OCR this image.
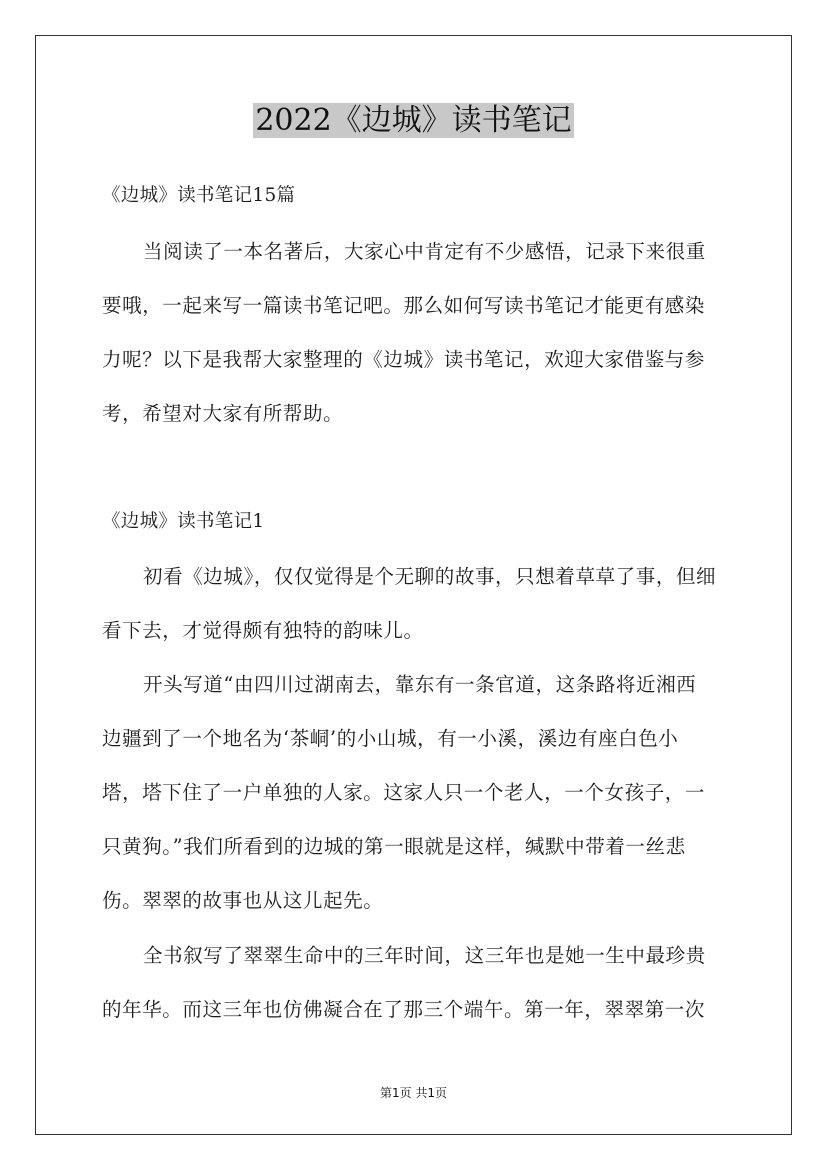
2022《边城》读书笔记
《边城》读书笔记15篇
当阅读了一本名著后，大家心中肯定有不少感悟，记录下来很重
要哦，一起来写一篇读书笔记吧。那么如何写读书笔记才能更有感染
力呢？以下是我帮大家整理的《边城》读书笔记，欢迎大家借鉴与参
考，希望对大家有所帮助。
《边城》读书笔记1
初看《边城》，仅仅觉得是个无聊的故事，只想着草草了事，但细
看下去，才觉得颇有独特的韵味儿。
开头写道“由四川过湖南去，靠东有一条官道，这条路将近湘西
边疆到了一个地名为‘茶峒’的小山城，有一小溪，溪边有座白色小
塔，塔下住了一户单独的人家。这家人只一个老人，一个女孩子，一
只黄狗。”我们所看到的边城的第一眼就是这样，缄默中带着一丝悲
伤。翠翠的故事也从这儿起先。
全书叙写了翠翠生命中的三年时间，这三年也是她一生中最珍贵
的年华。而这三年也仿佛凝合在了那三个端午。第一年，翠翠第一次
第1页 共1页
